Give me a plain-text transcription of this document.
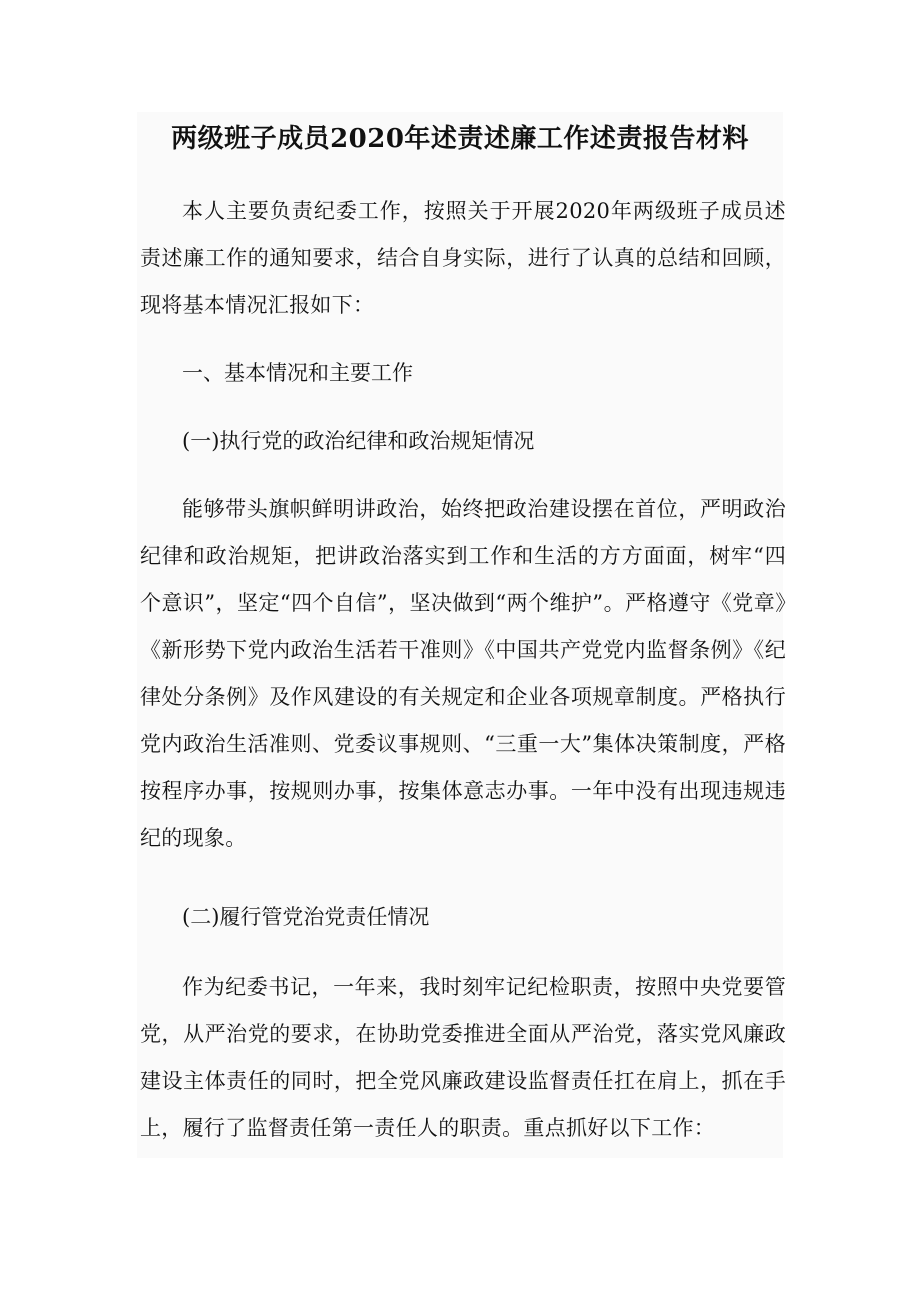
两级班子成员2020年述责述廉工作述责报告材料

本人主要负责纪委工作，按照关于开展2020年两级班子成员述责述廉工作的通知要求，结合自身实际，进行了认真的总结和回顾，现将基本情况汇报如下：

一、基本情况和主要工作

(一)执行党的政治纪律和政治规矩情况

能够带头旗帜鲜明讲政治，始终把政治建设摆在首位，严明政治纪律和政治规矩，把讲政治落实到工作和生活的方方面面，树牢“四个意识”，坚定“四个自信”，坚决做到“两个维护”。严格遵守《党章》《新形势下党内政治生活若干准则》《中国共产党党内监督条例》《纪律处分条例》及作风建设的有关规定和企业各项规章制度。严格执行党内政治生活准则、党委议事规则、“三重一大”集体决策制度，严格按程序办事，按规则办事，按集体意志办事。一年中没有出现违规违纪的现象。

(二)履行管党治党责任情况

作为纪委书记，一年来，我时刻牢记纪检职责，按照中央党要管党，从严治党的要求，在协助党委推进全面从严治党，落实党风廉政建设主体责任的同时，把全党风廉政建设监督责任扛在肩上，抓在手上，履行了监督责任第一责任人的职责。重点抓好以下工作：
